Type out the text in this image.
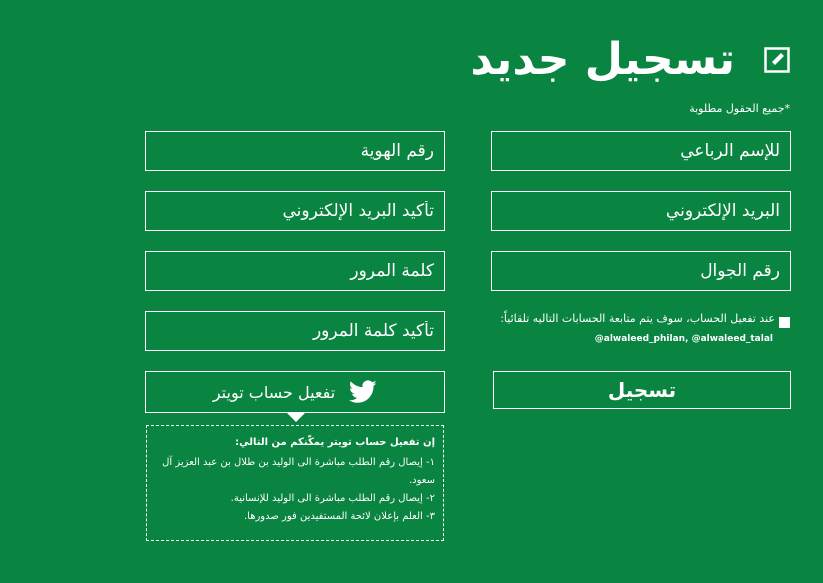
تسجيل جديد
*جميع الحقول مطلوبة
للإسم الرباعي
رقم الهوية
البريد الإلكتروني
تأكيد البريد الإلكتروني
رقم الجوال
عند تفعيل الحساب، سوف يتم متابعة الحسابات التاليه تلقائياً:
@alwaleed_philan, @alwaleed_talal
تسجيل
تفعيل حساب تويتر
إن تفعيل حساب تويتر يمكّنكم من التالي:
١- إيصال رقم الطلب مباشرة الى الوليد بن طلال بن عبد العزيز آل سعود.
٢- إيصال رقم الطلب مباشرة الى الوليد للإنسانية.
٣- العلم بإعلان لائحة المستفيدين فور صدورها.
